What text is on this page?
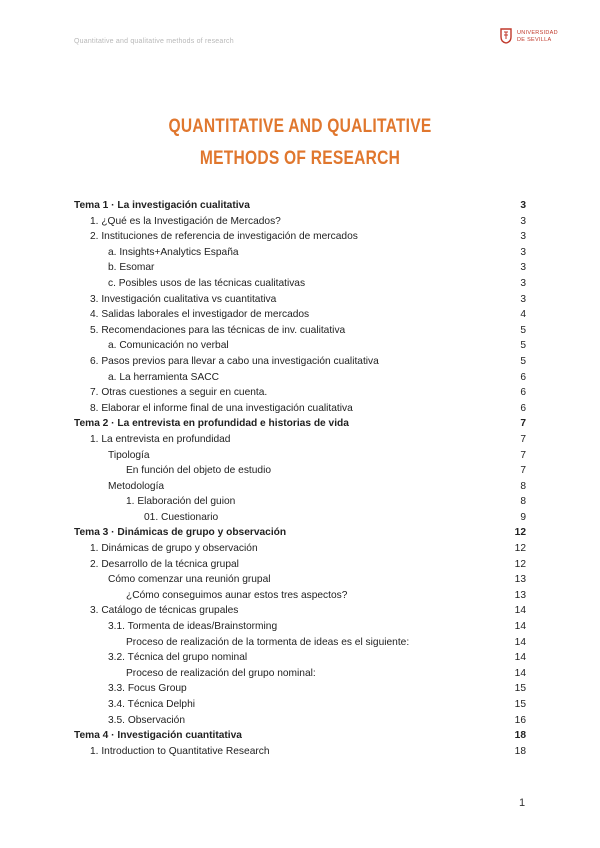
Quantitative and qualitative methods of research
UNIVERSIDAD
DE SEVILLA
QUANTITATIVE AND QUALITATIVE
METHODS OF RESEARCH
Tema 1 · La investigación cualitativa	3
1. ¿Qué es la Investigación de Mercados?	3
2. Instituciones de referencia de investigación de mercados	3
a. Insights+Analytics España	3
b. Esomar	3
c. Posibles usos de las técnicas cualitativas	3
3. Investigación cualitativa vs cuantitativa	3
4. Salidas laborales el investigador de mercados	4
5. Recomendaciones para las técnicas de inv. cualitativa	5
a. Comunicación no verbal	5
6. Pasos previos para llevar a cabo una investigación cualitativa	5
a. La herramienta SACC	6
7. Otras cuestiones a seguir en cuenta.	6
8. Elaborar el informe final de una investigación cualitativa	6
Tema 2 · La entrevista en profundidad e historias de vida	7
1. La entrevista en profundidad	7
Tipología	7
En función del objeto de estudio	7
Metodología	8
1. Elaboración del guion	8
01. Cuestionario	9
Tema 3 · Dinámicas de grupo y observación	12
1. Dinámicas de grupo y observación	12
2. Desarrollo de la técnica grupal	12
Cómo comenzar una reunión grupal	13
¿Cómo conseguimos aunar estos tres aspectos?	13
3. Catálogo de técnicas grupales	14
3.1. Tormenta de ideas/Brainstorming	14
Proceso de realización de la tormenta de ideas es el siguiente:	14
3.2. Técnica del grupo nominal	14
Proceso de realización del grupo nominal:	14
3.3. Focus Group	15
3.4. Técnica Delphi	15
3.5. Observación	16
Tema 4 · Investigación cuantitativa	18
1. Introduction to Quantitative Research	18
1
